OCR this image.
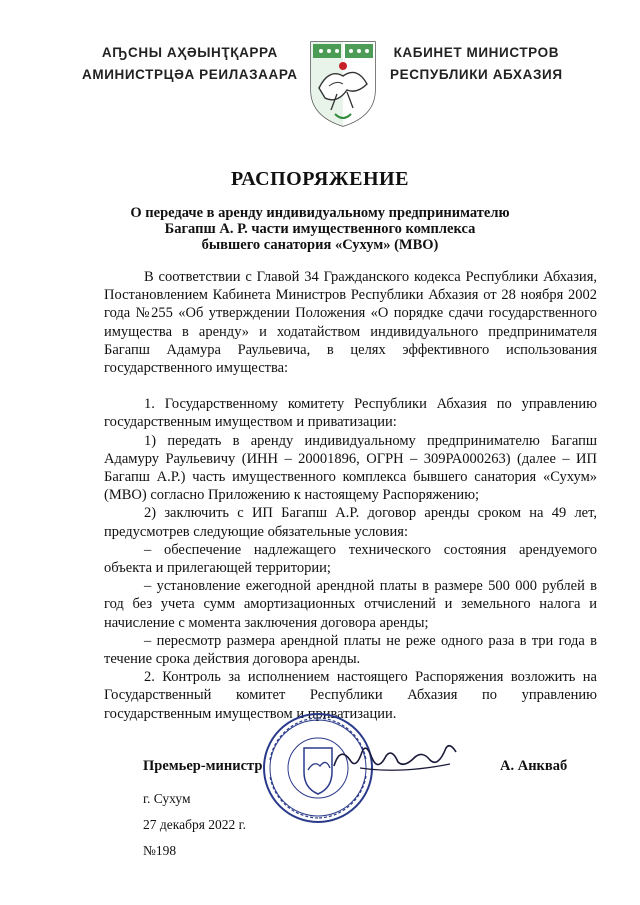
АҦСНЫ АҲӘЫНҬҚАРРА
АМИНИСТРЦӘА РЕИЛАЗААРА
КАБИНЕТ МИНИСТРОВ
РЕСПУБЛИКИ АБХАЗИЯ
РАСПОРЯЖЕНИЕ
О передаче в аренду индивидуальному предпринимателю
Багапш А. Р. части имущественного комплекса
бывшего санатория «Сухум» (МВО)

В соответствии с Главой 34 Гражданского кодекса Республики Абхазия, Постановлением Кабинета Министров Республики Абхазия от 28 ноября 2002 года №255 «Об утверждении Положения «О порядке сдачи государственного имущества в аренду» и ходатайством индивидуального предпринимателя Багапш Адамура Раульевича, в целях эффективного использования государственного имущества:

1. Государственному комитету Республики Абхазия по управлению государственным имуществом и приватизации:

1) передать в аренду индивидуальному предпринимателю Багапш Адамуру Раульевичу (ИНН – 20001896, ОГРН – 309РА000263) (далее – ИП Багапш А.Р.) часть имущественного комплекса бывшего санатория «Сухум» (МВО) согласно Приложению к настоящему Распоряжению;

2) заключить с ИП Багапш А.Р. договор аренды сроком на 49 лет, предусмотрев следующие обязательные условия:

– обеспечение надлежащего технического состояния арендуемого объекта и прилегающей территории;

– установление ежегодной арендной платы в размере 500 000 рублей в год без учета сумм амортизационных отчислений и земельного налога и начисление с момента заключения договора аренды;

– пересмотр размера арендной платы не реже одного раза в три года в течение срока действия договора аренды.

2. Контроль за исполнением настоящего Распоряжения возложить на Государственный комитет Республики Абхазия по управлению государственным имуществом и приватизации.

Премьер-министр	А. Анкваб
г. Сухум
27 декабря 2022 г.
№198
